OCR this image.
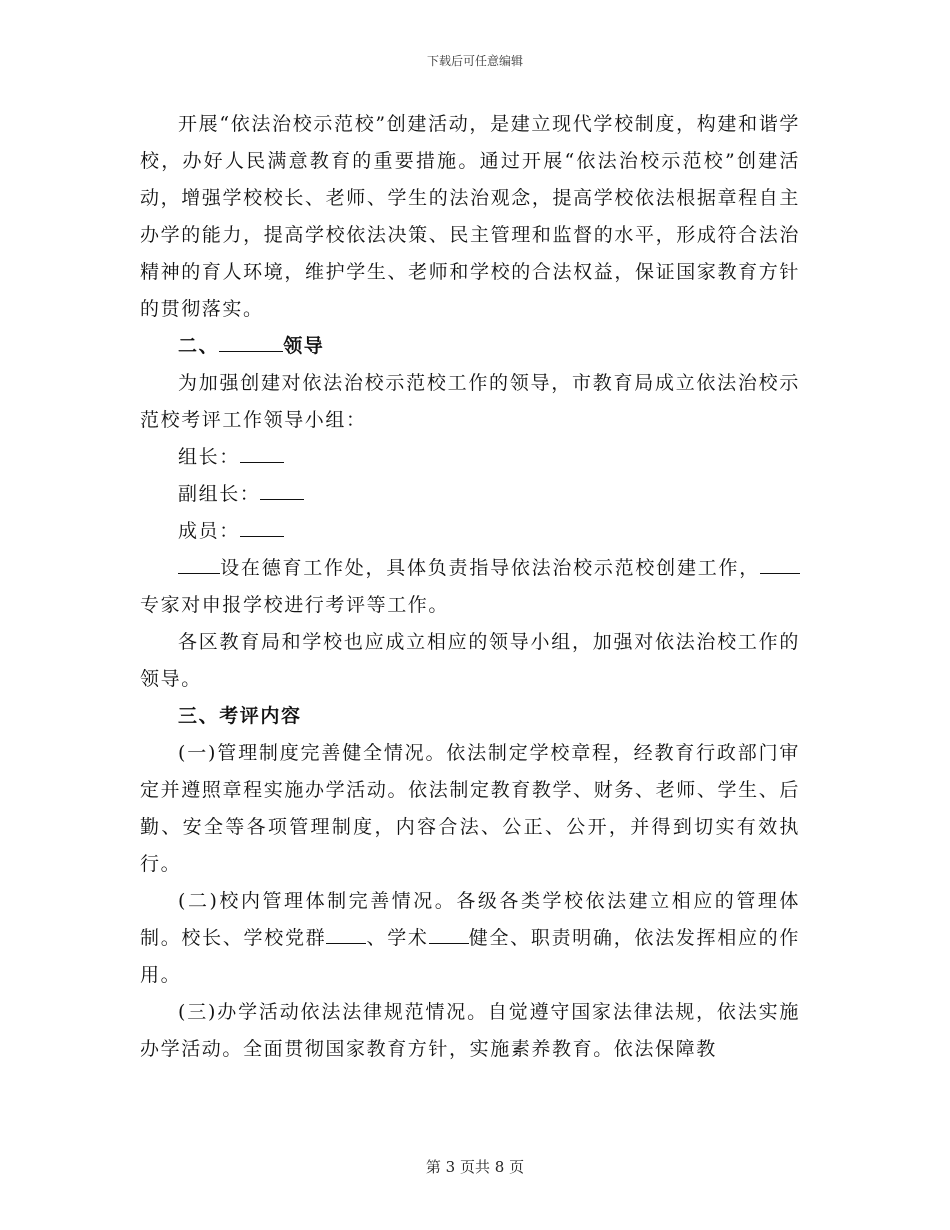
下载后可任意编辑

开展“依法治校示范校”创建活动，是建立现代学校制度，构建和谐学校，办好人民满意教育的重要措施。通过开展“依法治校示范校”创建活动，增强学校校长、老师、学生的法治观念，提高学校依法根据章程自主办学的能力，提高学校依法决策、民主管理和监督的水平，形成符合法治精神的育人环境，维护学生、老师和学校的合法权益，保证国家教育方针的贯彻落实。

二、	领导

为加强创建对依法治校示范校工作的领导，市教育局成立依法治校示范校考评工作领导小组：

组长：

副组长：

成员：

设在德育工作处，具体负责指导依法治校示范校创建工作，专家对申报学校进行考评等工作。

各区教育局和学校也应成立相应的领导小组，加强对依法治校工作的领导。

三、考评内容

(一)管理制度完善健全情况。依法制定学校章程，经教育行政部门审定并遵照章程实施办学活动。依法制定教育教学、财务、老师、学生、后勤、安全等各项管理制度，内容合法、公正、公开，并得到切实有效执行。

(二)校内管理体制完善情况。各级各类学校依法建立相应的管理体制。校长、学校党群 、学术 健全、职责明确，依法发挥相应的作用。

(三)办学活动依法法律规范情况。自觉遵守国家法律法规，依法实施办学活动。全面贯彻国家教育方针，实施素养教育。依法保障教

第 3 页共 8 页
